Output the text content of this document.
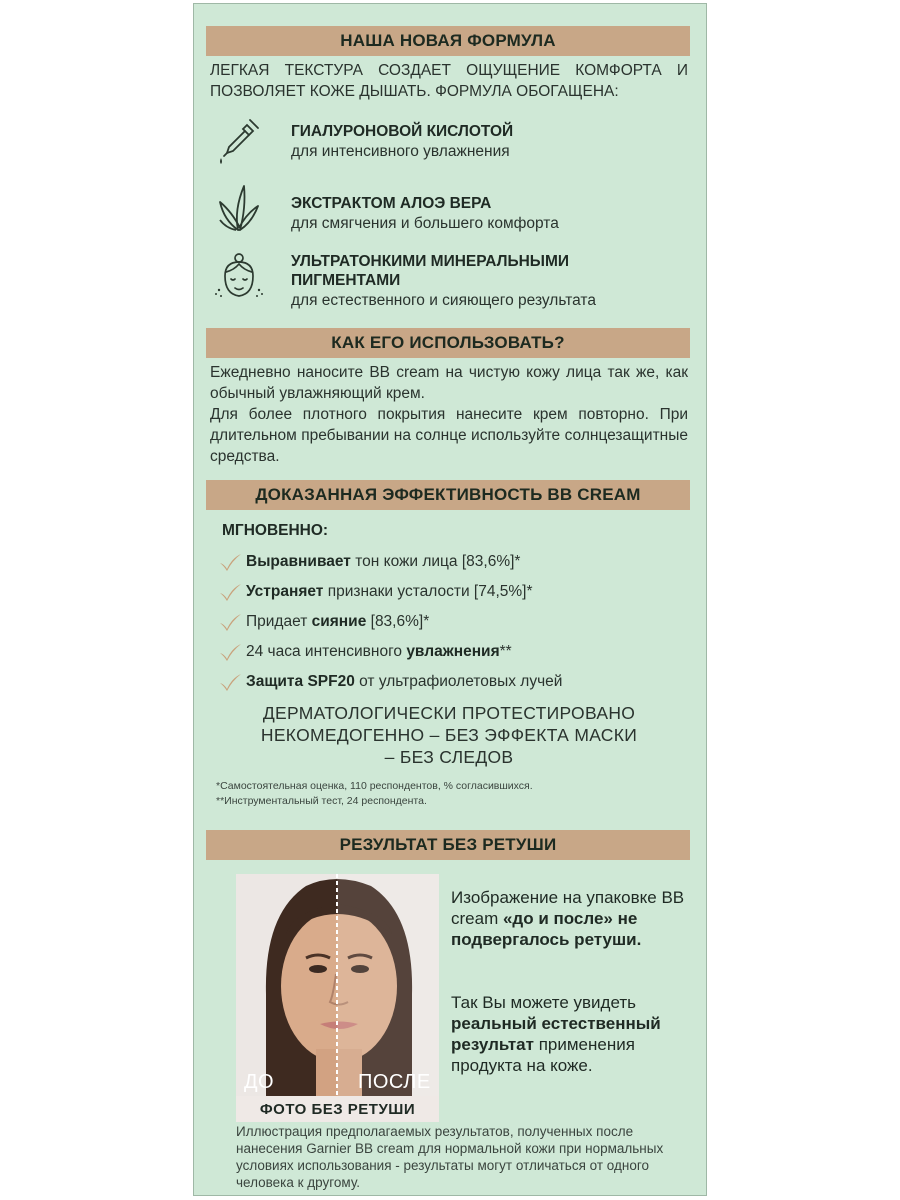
НАША НОВАЯ ФОРМУЛА

ЛЕГКАЯ ТЕКСТУРА СОЗДАЕТ ОЩУЩЕНИЕ КОМФОРТА И ПОЗВОЛЯЕТ КОЖЕ ДЫШАТЬ. ФОРМУЛА ОБОГАЩЕНА:

ГИАЛУРОНОВОЙ КИСЛОТОЙ
для интенсивного увлажнения
ЭКСТРАКТОМ АЛОЭ ВЕРА
для смягчения и большего комфорта
УЛЬТРАТОНКИМИ МИНЕРАЛЬНЫМИ
ПИГМЕНТАМИ
для естественного и сияющего результата
КАК ЕГО ИСПОЛЬЗОВАТЬ?

Ежедневно наносите BB cream на чистую кожу лица так же, как обычный увлажняющий крем.

Для более плотного покрытия нанесите крем повторно. При длительном пребывании на солнце используйте солнцезащитные средства.

ДОКАЗАННАЯ ЭФФЕКТИВНОСТЬ BB CREAM
МГНОВЕННО:
Выравнивает тон кожи лица [83,6%]*
Устраняет признаки усталости [74,5%]*
Придает сияние [83,6%]*
24 часа интенсивного увлажнения**
Защита SPF20 от ультрафиолетовых лучей
ДЕРМАТОЛОГИЧЕСКИ ПРОТЕСТИРОВАНО
НЕКОМЕДОГЕННО – БЕЗ ЭФФЕКТА МАСКИ
– БЕЗ СЛЕДОВ
*Самостоятельная оценка, 110 респондентов, % согласившихся.
**Инструментальный тест, 24 респондента.
РЕЗУЛЬТАТ БЕЗ РЕТУШИ
ДО	ПОСЛЕ
ФОТО БЕЗ РЕТУШИ
Изображение на упаковке BB cream «до и после» не подвергалось ретуши.
Так Вы можете увидеть реальный естественный результат применения продукта на коже.
Иллюстрация предполагаемых результатов, полученных после нанесения Garnier BB cream для нормальной кожи при нормальных условиях использования - результаты могут отличаться от одного человека к другому.
